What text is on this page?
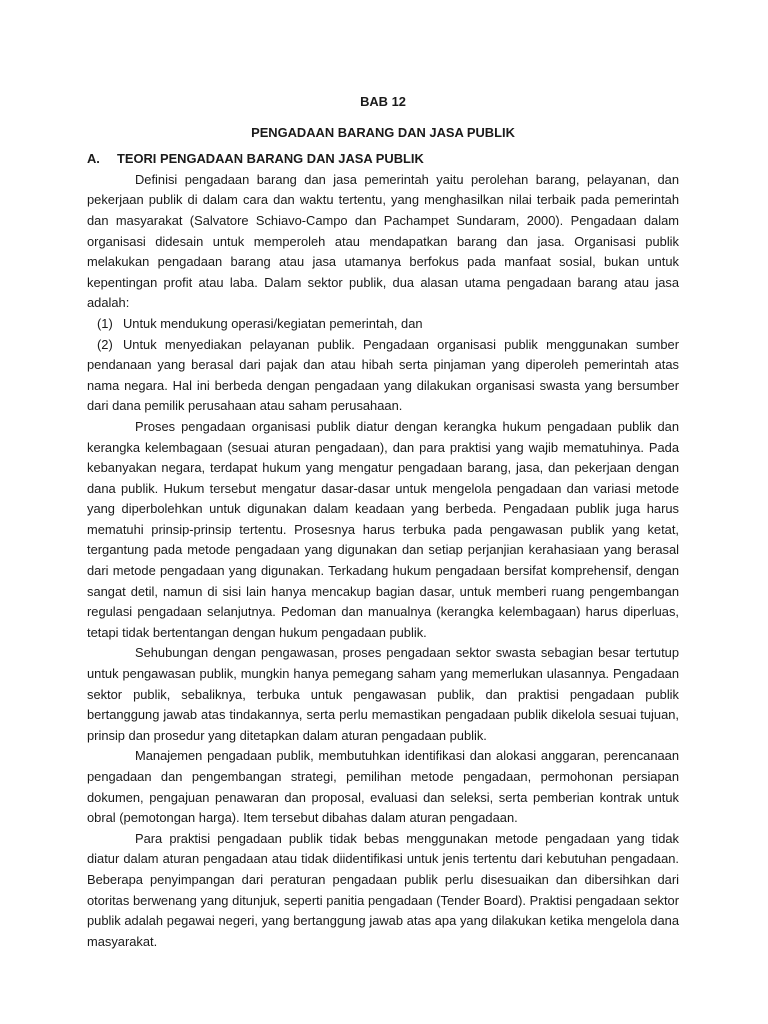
BAB 12
PENGADAAN BARANG DAN JASA PUBLIK
A.	TEORI PENGADAAN BARANG DAN JASA PUBLIK

Definisi pengadaan barang dan jasa pemerintah yaitu perolehan barang, pelayanan, dan pekerjaan publik di dalam cara dan waktu tertentu, yang menghasilkan nilai terbaik pada pemerintah dan masyarakat (Salvatore Schiavo-Campo dan Pachampet Sundaram, 2000). Pengadaan dalam organisasi didesain untuk memperoleh atau mendapatkan barang dan jasa. Organisasi publik melakukan pengadaan barang atau jasa utamanya berfokus pada manfaat sosial, bukan untuk kepentingan profit atau laba. Dalam sektor publik, dua alasan utama pengadaan barang atau jasa adalah:

(1) Untuk mendukung operasi/kegiatan pemerintah, dan
(2) Untuk menyediakan pelayanan publik. Pengadaan organisasi publik menggunakan sumber pendanaan yang berasal dari pajak dan atau hibah serta pinjaman yang diperoleh pemerintah atas nama negara. Hal ini berbeda dengan pengadaan yang dilakukan organisasi swasta yang bersumber dari dana pemilik perusahaan atau saham perusahaan.

Proses pengadaan organisasi publik diatur dengan kerangka hukum pengadaan publik dan kerangka kelembagaan (sesuai aturan pengadaan), dan para praktisi yang wajib mematuhinya. Pada kebanyakan negara, terdapat hukum yang mengatur pengadaan barang, jasa, dan pekerjaan dengan dana publik. Hukum tersebut mengatur dasar-dasar untuk mengelola pengadaan dan variasi metode yang diperbolehkan untuk digunakan dalam keadaan yang berbeda. Pengadaan publik juga harus mematuhi prinsip-prinsip tertentu. Prosesnya harus terbuka pada pengawasan publik yang ketat, tergantung pada metode pengadaan yang digunakan dan setiap perjanjian kerahasiaan yang berasal dari metode pengadaan yang digunakan. Terkadang hukum pengadaan bersifat komprehensif, dengan sangat detil, namun di sisi lain hanya mencakup bagian dasar, untuk memberi ruang pengembangan regulasi pengadaan selanjutnya. Pedoman dan manualnya (kerangka kelembagaan) harus diperluas, tetapi tidak bertentangan dengan hukum pengadaan publik.

Sehubungan dengan pengawasan, proses pengadaan sektor swasta sebagian besar tertutup untuk pengawasan publik, mungkin hanya pemegang saham yang memerlukan ulasannya. Pengadaan sektor publik, sebaliknya, terbuka untuk pengawasan publik, dan praktisi pengadaan publik bertanggung jawab atas tindakannya, serta perlu memastikan pengadaan publik dikelola sesuai tujuan, prinsip dan prosedur yang ditetapkan dalam aturan pengadaan publik.

Manajemen pengadaan publik, membutuhkan identifikasi dan alokasi anggaran, perencanaan pengadaan dan pengembangan strategi, pemilihan metode pengadaan, permohonan persiapan dokumen, pengajuan penawaran dan proposal, evaluasi dan seleksi, serta pemberian kontrak untuk obral (pemotongan harga). Item tersebut dibahas dalam aturan pengadaan.

Para praktisi pengadaan publik tidak bebas menggunakan metode pengadaan yang tidak diatur dalam aturan pengadaan atau tidak diidentifikasi untuk jenis tertentu dari kebutuhan pengadaan. Beberapa penyimpangan dari peraturan pengadaan publik perlu disesuaikan dan dibersihkan dari otoritas berwenang yang ditunjuk, seperti panitia pengadaan (Tender Board). Praktisi pengadaan sektor publik adalah pegawai negeri, yang bertanggung jawab atas apa yang dilakukan ketika mengelola dana masyarakat.
